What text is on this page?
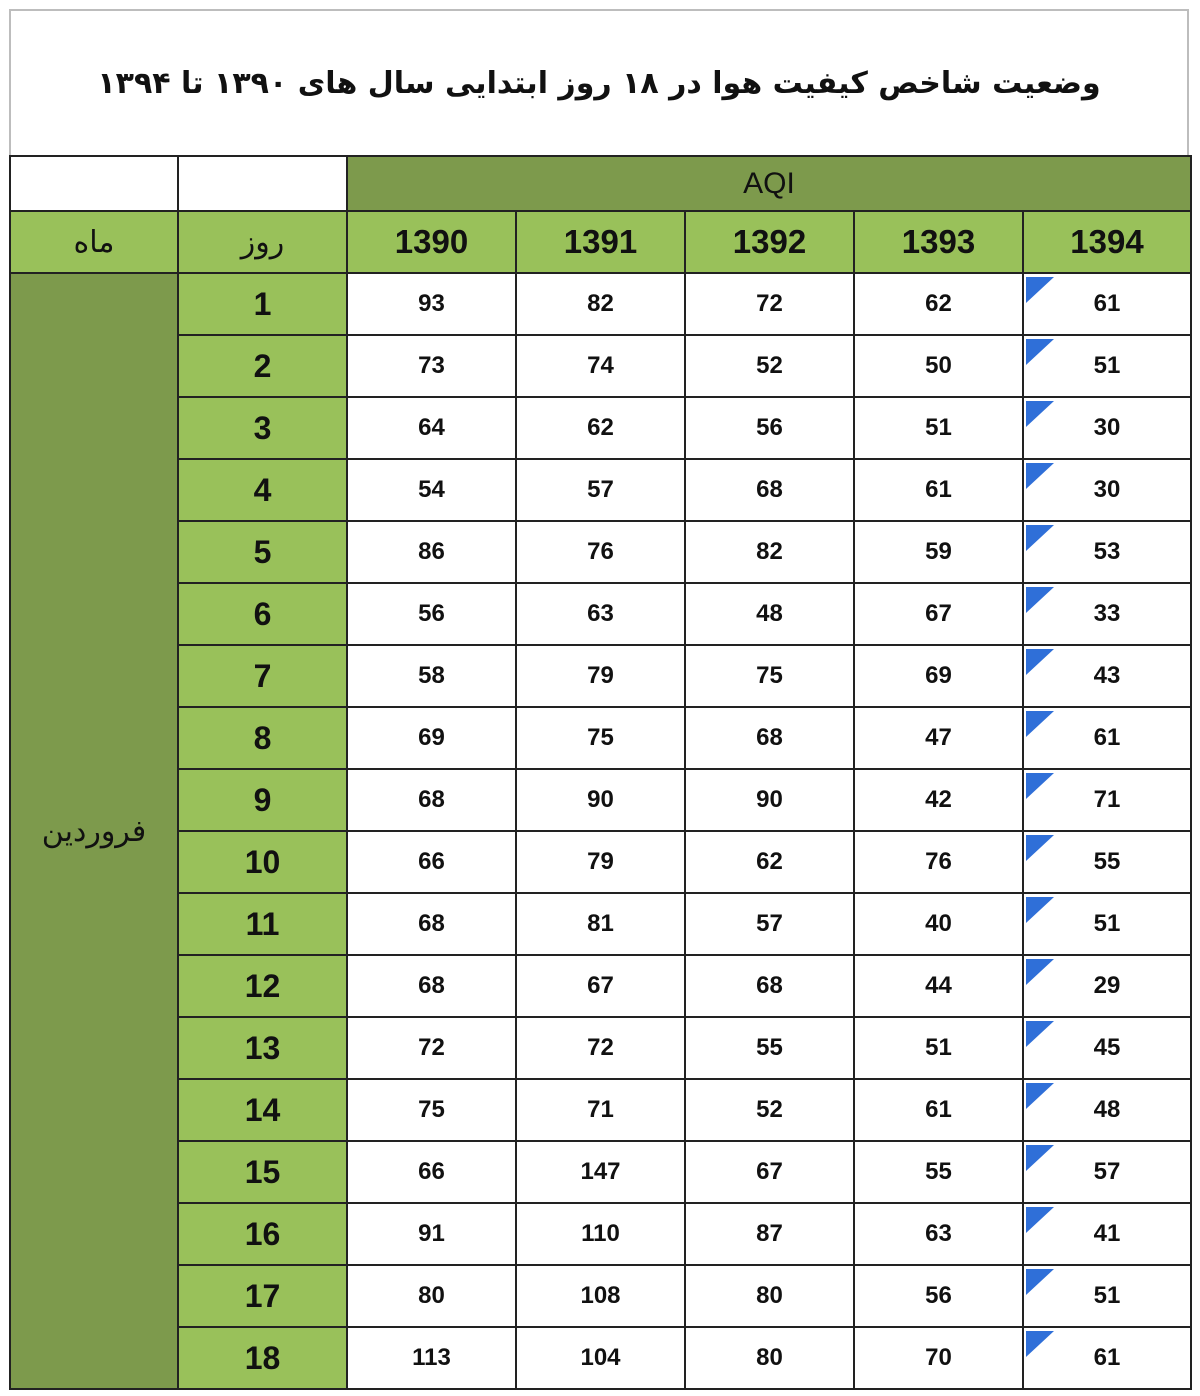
وضعیت شاخص کیفیت هوا در ۱۸ روز ابتدایی سال های ۱۳۹۰ تا ۱۳۹۴
		AQI				
ماه	روز	1390	1391	1392	1393	1394
فروردین	1	93	82	72	62	61

	2	73	74	52	50	51

	3	64	62	56	51	30

	4	54	57	68	61	30

	5	86	76	82	59	53

	6	56	63	48	67	33

	7	58	79	75	69	43

	8	69	75	68	47	61

	9	68	90	90	42	71

	10	66	79	62	76	55

	11	68	81	57	40	51

	12	68	67	68	44	29

	13	72	72	55	51	45

	14	75	71	52	61	48

	15	66	147	67	55	57

	16	91	110	87	63	41

	17	80	108	80	56	51

	18	113	104	80	70	61
